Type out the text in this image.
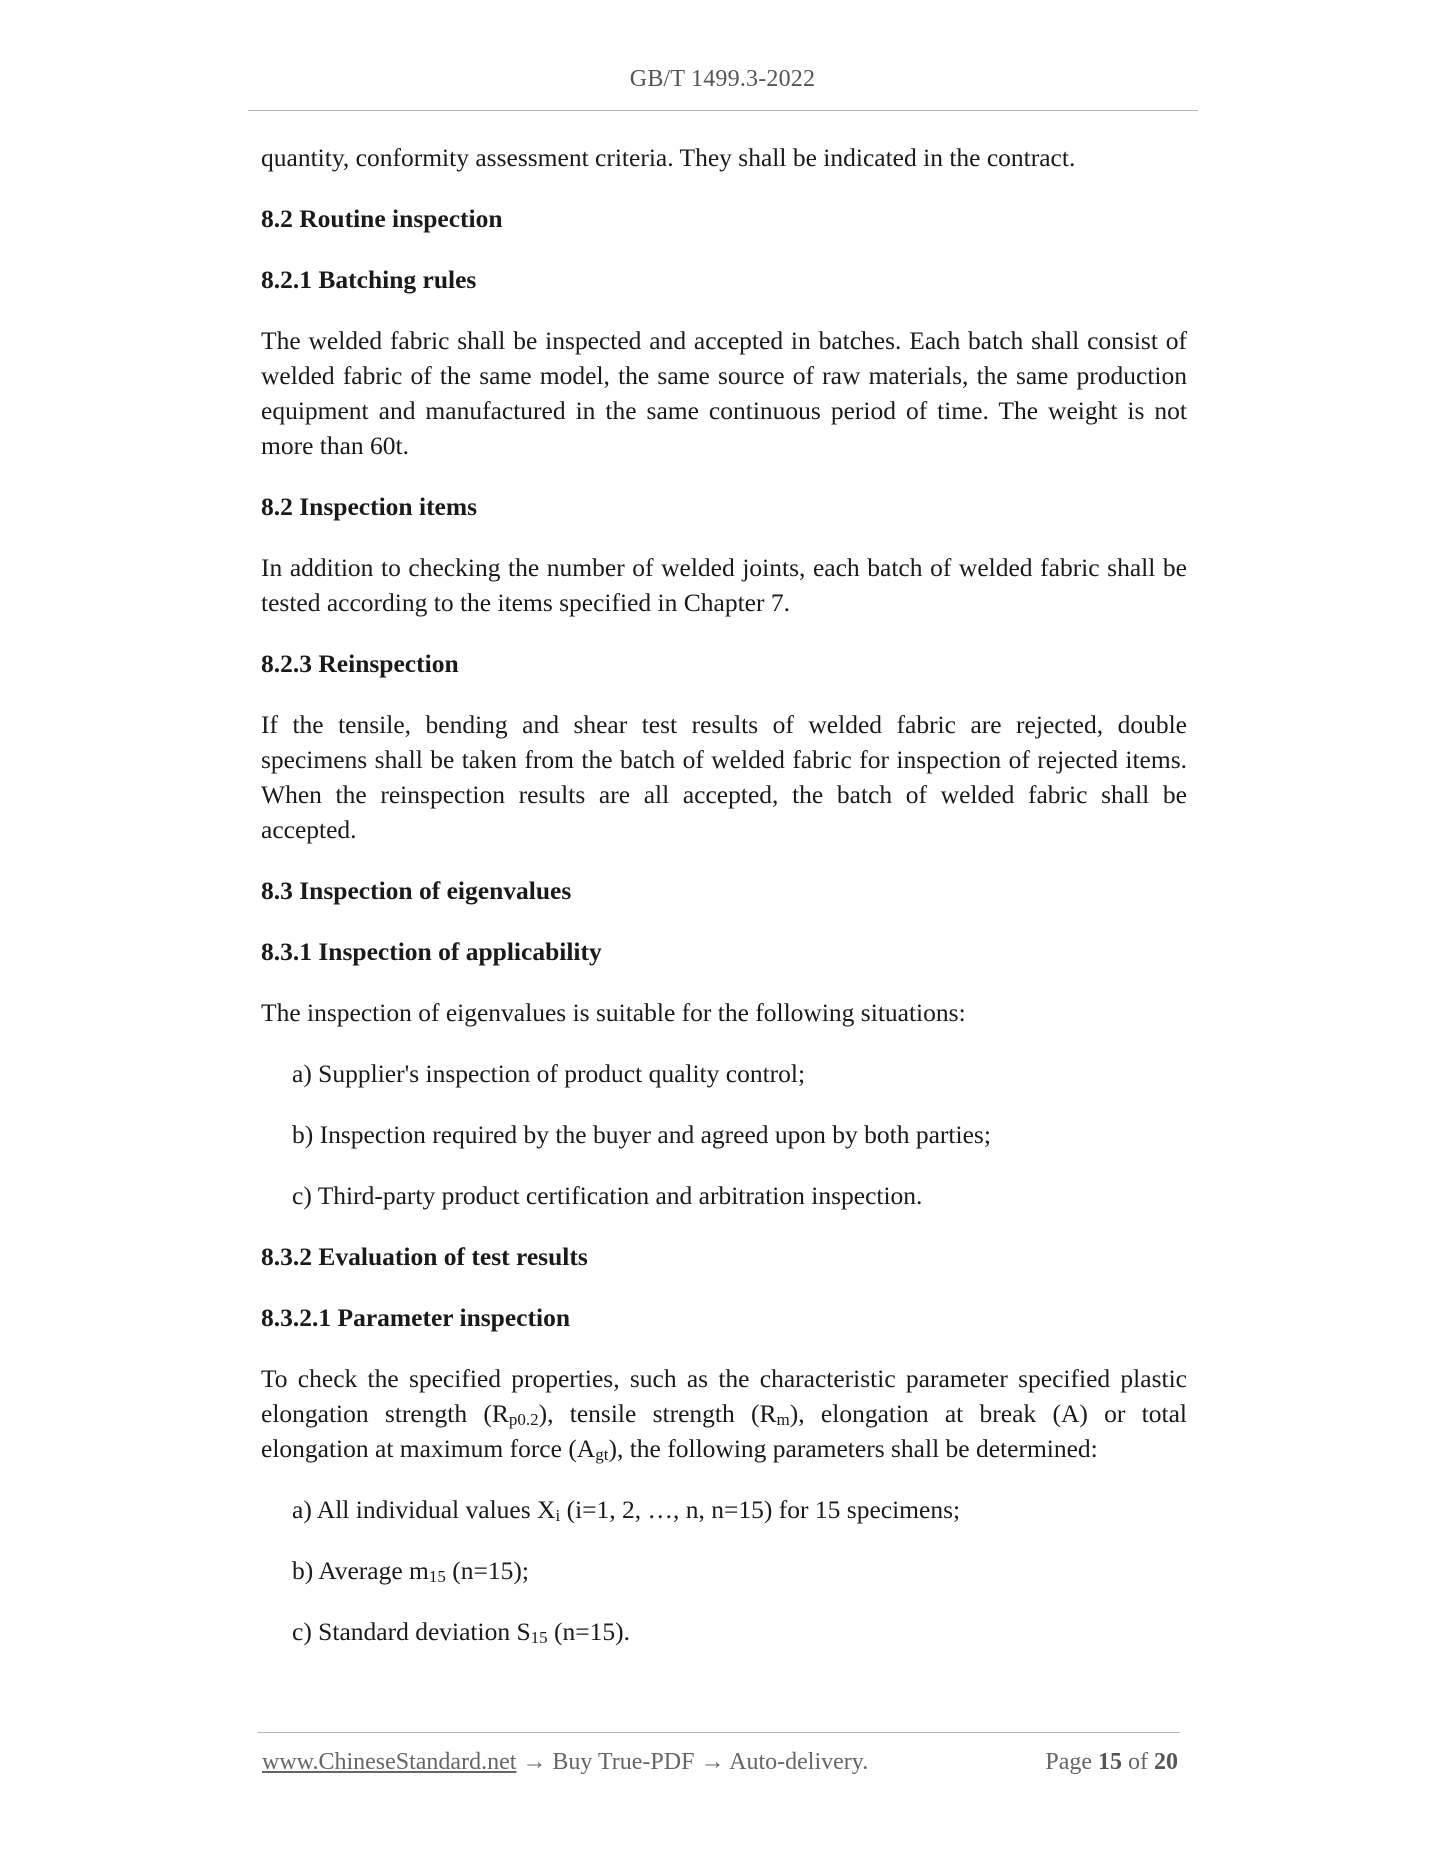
GB/T 1499.3-2022

quantity, conformity assessment criteria. They shall be indicated in the contract.

8.2 Routine inspection
8.2.1 Batching rules

The welded fabric shall be inspected and accepted in batches. Each batch shall consist of welded fabric of the same model, the same source of raw materials, the same production equipment and manufactured in the same continuous period of time. The weight is not more than 60t.

8.2 Inspection items

In addition to checking the number of welded joints, each batch of welded fabric shall be tested according to the items specified in Chapter 7.

8.2.3 Reinspection

If the tensile, bending and shear test results of welded fabric are rejected, double specimens shall be taken from the batch of welded fabric for inspection of rejected items. When the reinspection results are all accepted, the batch of welded fabric shall be accepted.

8.3 Inspection of eigenvalues
8.3.1 Inspection of applicability

The inspection of eigenvalues is suitable for the following situations:

a) Supplier's inspection of product quality control;

b) Inspection required by the buyer and agreed upon by both parties;

c) Third-party product certification and arbitration inspection.

8.3.2 Evaluation of test results
8.3.2.1 Parameter inspection

To check the specified properties, such as the characteristic parameter specified plastic elongation strength $(R_{p0.2})$, tensile strength $(R_m)$, elongation at break (A) or total elongation at maximum force $(A_{gt})$, the following parameters shall be determined:

a) All individual values $X_i$ (i=1, 2, …, n, n=15) for 15 specimens;

b) Average $m_{15}$ (n=15);

c) Standard deviation $S_{15}$ (n=15).

www.ChineseStandard.net → Buy True-PDF → Auto-delivery.	Page 15 of 20
